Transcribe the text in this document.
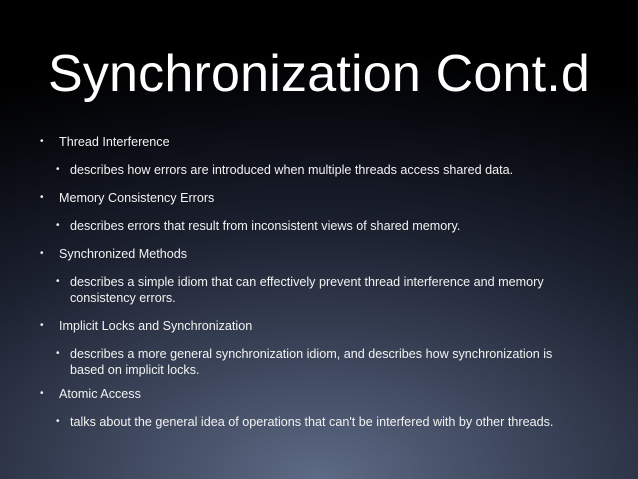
Synchronization Cont.d
• Thread Interference
• describes how errors are introduced when multiple threads access shared data.
• Memory Consistency Errors
• describes errors that result from inconsistent views of shared memory.
• Synchronized Methods
• describes a simple idiom that can effectively prevent thread interference and memory consistency errors.
• Implicit Locks and Synchronization
• describes a more general synchronization idiom, and describes how synchronization is based on implicit locks.
• Atomic Access
• talks about the general idea of operations that can't be interfered with by other threads.
